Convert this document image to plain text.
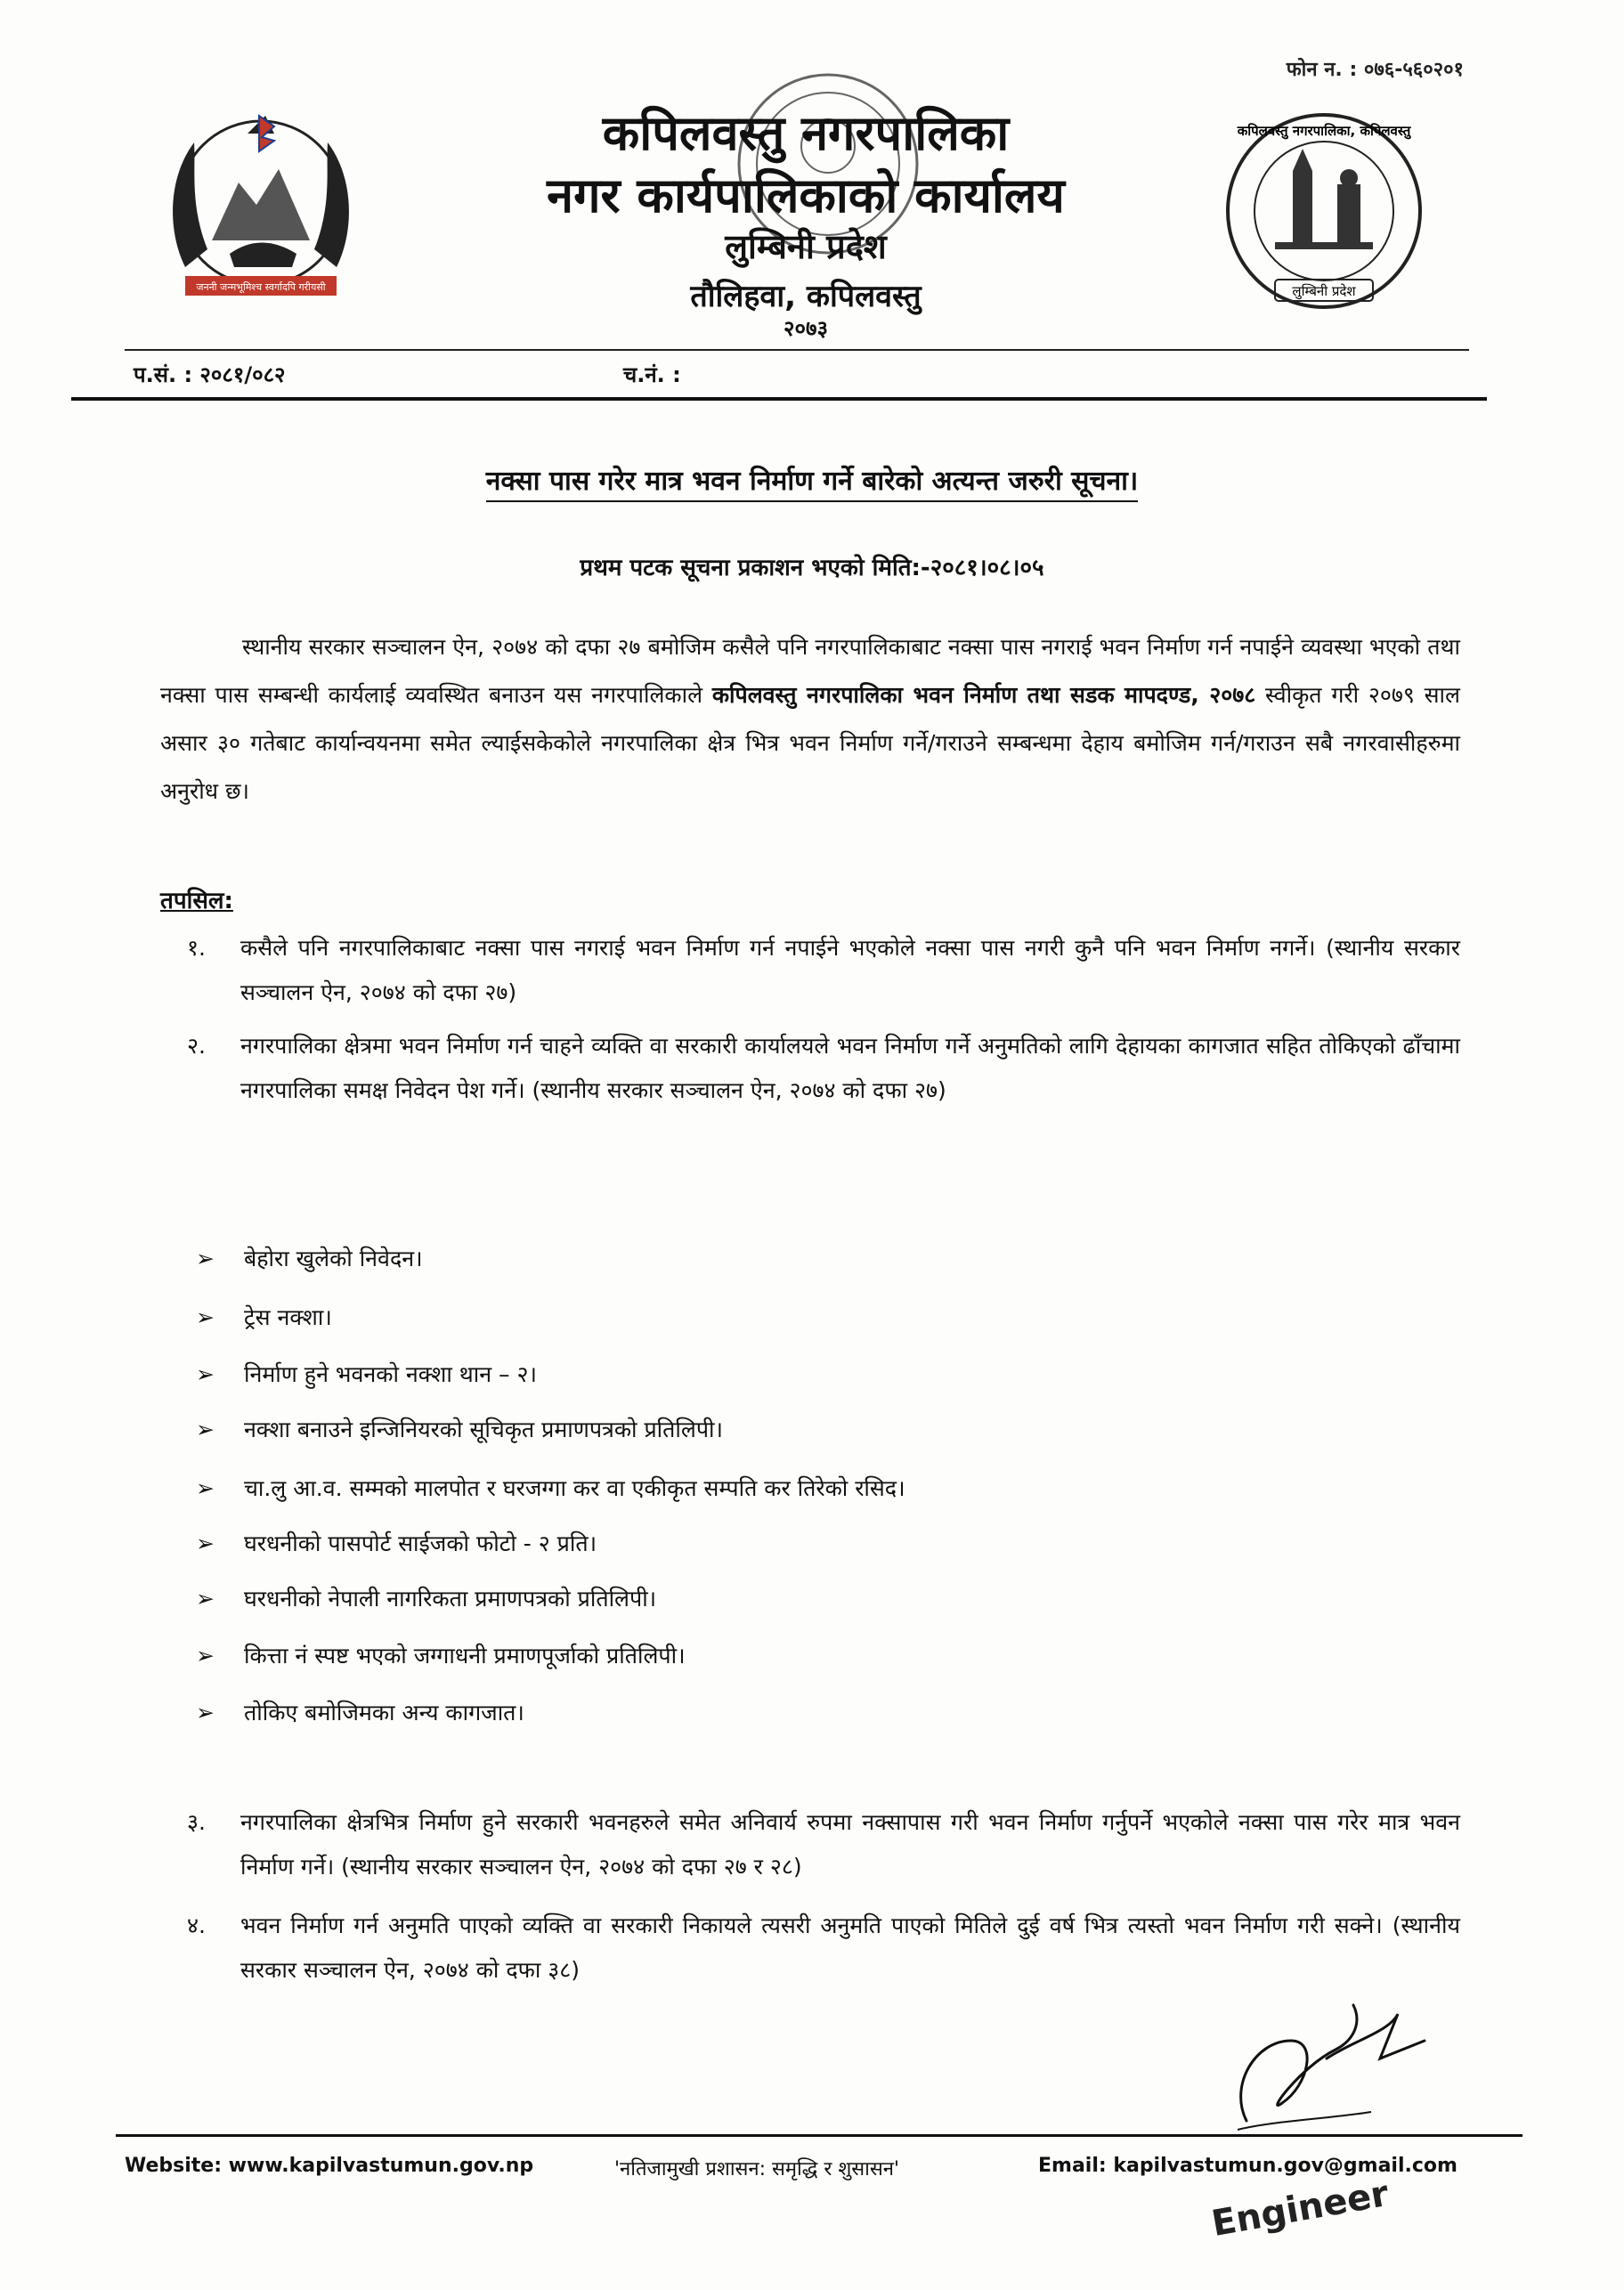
फोन न. : ०७६-५६०२०१
जननी जन्मभूमिश्च स्वर्गादपि गरीयसी
कपिलवस्तु नगरपालिका
नगर कार्यपालिकाको कार्यालय
लुम्बिनी प्रदेश
तौलिहवा, कपिलवस्तु
२०७३
कपिलवस्तु नगरपालिका, कपिलवस्तु
लुम्बिनी प्रदेश
प.सं. : २०८१/०८२	च.नं. :
नक्सा पास गरेर मात्र भवन निर्माण गर्ने बारेको अत्यन्त जरुरी सूचना।
प्रथम पटक सूचना प्रकाशन भएको मिति:-२०८१।०८।०५
स्थानीय सरकार सञ्चालन ऐन, २०७४ को दफा २७ बमोजिम कसैले पनि नगरपालिकाबाट नक्सा पास नगराई भवन निर्माण गर्न नपाईने व्यवस्था भएको तथा नक्सा पास सम्बन्धी कार्यलाई व्यवस्थित बनाउन यस नगरपालिकाले कपिलवस्तु नगरपालिका भवन निर्माण तथा सडक मापदण्ड, २०७८ स्वीकृत गरी २०७९ साल असार ३० गतेबाट कार्यान्वयनमा समेत ल्याईसकेकोले नगरपालिका क्षेत्र भित्र भवन निर्माण गर्ने/गराउने सम्बन्धमा देहाय बमोजिम गर्न/गराउन सबै नगरवासीहरुमा अनुरोध छ।
तपसिल:
१.	कसैले पनि नगरपालिकाबाट नक्सा पास नगराई भवन निर्माण गर्न नपाईने भएकोले नक्सा पास नगरी कुनै पनि भवन निर्माण नगर्ने। (स्थानीय सरकार सञ्चालन ऐन, २०७४ को दफा २७)
२.	नगरपालिका क्षेत्रमा भवन निर्माण गर्न चाहने व्यक्ति वा सरकारी कार्यालयले भवन निर्माण गर्ने अनुमतिको लागि देहायका कागजात सहित तोकिएको ढाँचामा नगरपालिका समक्ष निवेदन पेश गर्ने। (स्थानीय सरकार सञ्चालन ऐन, २०७४ को दफा २७)
➢ बेहोरा खुलेको निवेदन।
➢ ट्रेस नक्शा।
➢ निर्माण हुने भवनको नक्शा थान – २।
➢ नक्शा बनाउने इन्जिनियरको सूचिकृत प्रमाणपत्रको प्रतिलिपी।
➢ चा.लु आ.व. सम्मको मालपोत र घरजग्गा कर वा एकीकृत सम्पति कर तिरेको रसिद।
➢ घरधनीको पासपोर्ट साईजको फोटो - २ प्रति।
➢ घरधनीको नेपाली नागरिकता प्रमाणपत्रको प्रतिलिपी।
➢ कित्ता नं स्पष्ट भएको जग्गाधनी प्रमाणपूर्जाको प्रतिलिपी।
➢ तोकिए बमोजिमका अन्य कागजात।
३.	नगरपालिका क्षेत्रभित्र निर्माण हुने सरकारी भवनहरुले समेत अनिवार्य रुपमा नक्सापास गरी भवन निर्माण गर्नुपर्ने भएकोले नक्सा पास गरेर मात्र भवन निर्माण गर्ने। (स्थानीय सरकार सञ्चालन ऐन, २०७४ को दफा २७ र २८)
४.	भवन निर्माण गर्न अनुमति पाएको व्यक्ति वा सरकारी निकायले त्यसरी अनुमति पाएको मितिले दुई वर्ष भित्र त्यस्तो भवन निर्माण गरी सक्ने। (स्थानीय सरकार सञ्चालन ऐन, २०७४ को दफा ३८)
Website: www.kapilvastumun.gov.np	'नतिजामुखी प्रशासन: समृद्धि र शुसासन'	Email: kapilvastumun.gov@gmail.com
Engineer
